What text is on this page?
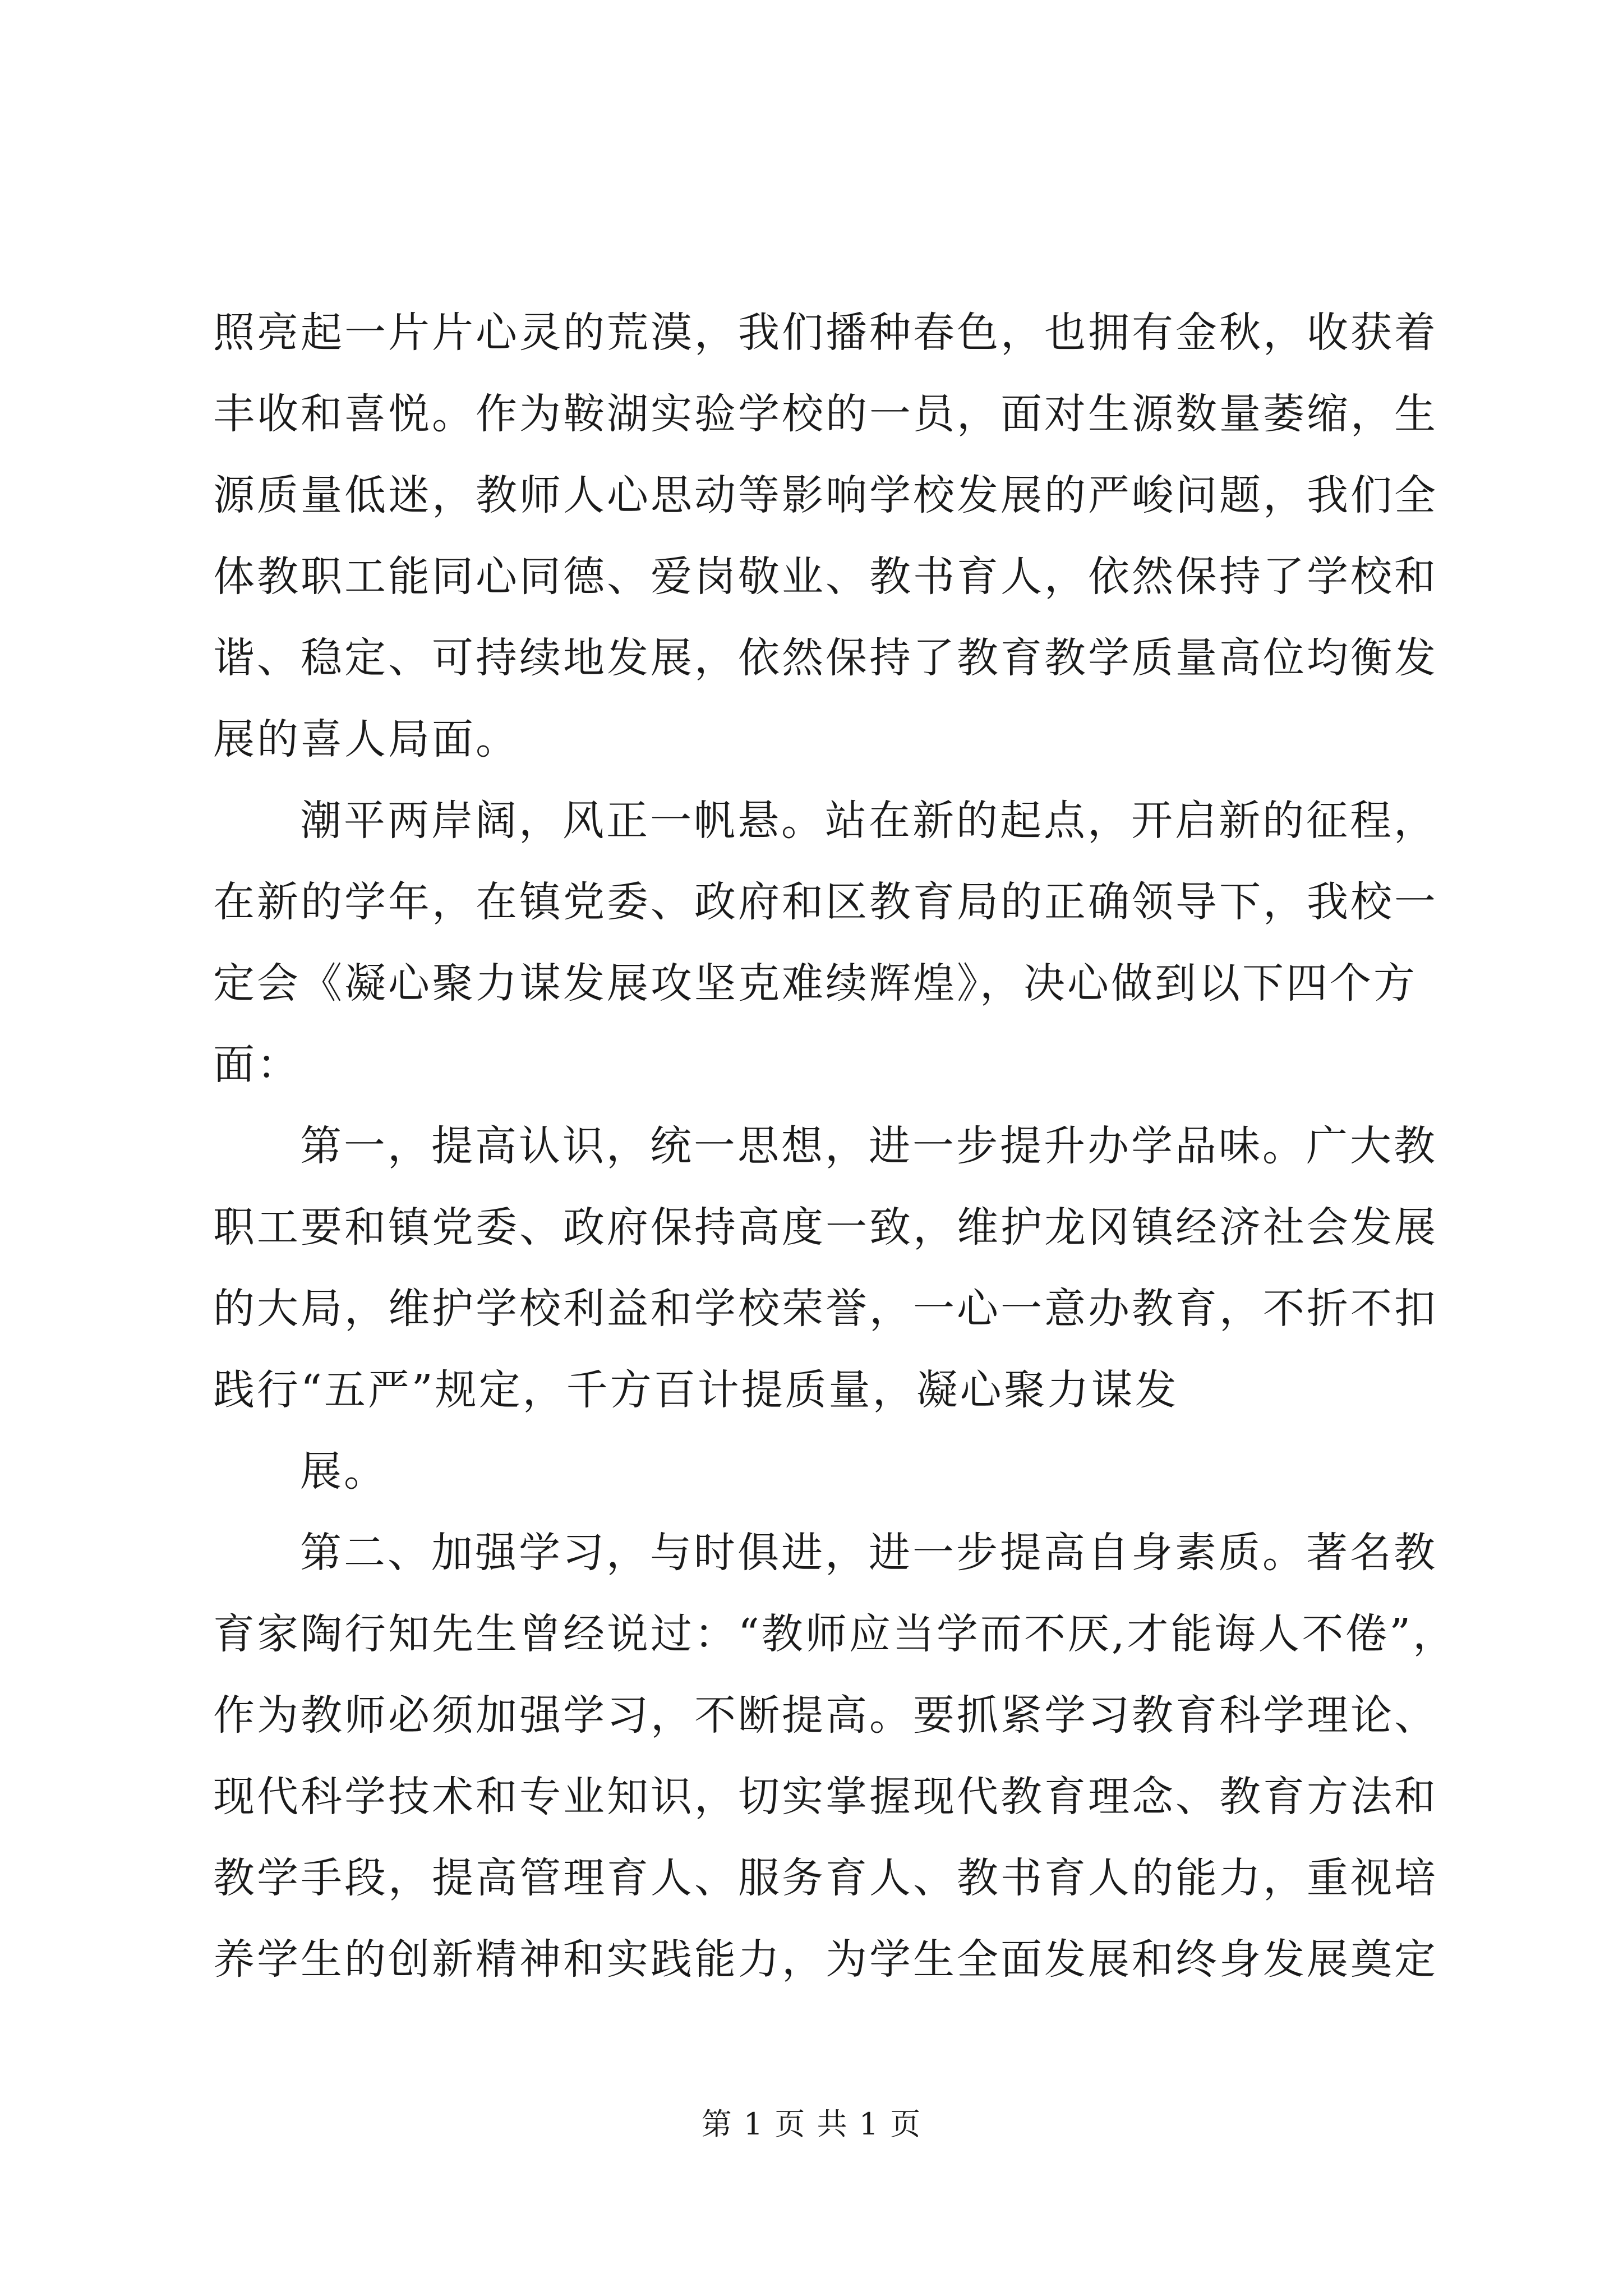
照亮起一片片心灵的荒漠，我们播种春色，也拥有金秋，收获着
丰收和喜悦。作为鞍湖实验学校的一员，面对生源数量萎缩，生
源质量低迷，教师人心思动等影响学校发展的严峻问题，我们全
体教职工能同心同德、爱岗敬业、教书育人，依然保持了学校和
谐、稳定、可持续地发展，依然保持了教育教学质量高位均衡发
展的喜人局面。
潮平两岸阔，风正一帆悬。站在新的起点，开启新的征程，
在新的学年，在镇党委、政府和区教育局的正确领导下，我校一
定会《凝心聚力谋发展攻坚克难续辉煌》，决心做到以下四个方
面：
第一，提高认识，统一思想，进一步提升办学品味。广大教
职工要和镇党委、政府保持高度一致，维护龙冈镇经济社会发展
的大局，维护学校利益和学校荣誉，一心一意办教育，不折不扣
践行“五严”规定，千方百计提质量，凝心聚力谋发
展。
第二、加强学习，与时俱进，进一步提高自身素质。著名教
育家陶行知先生曾经说过：“教师应当学而不厌,才能诲人不倦”，
作为教师必须加强学习，不断提高。要抓紧学习教育科学理论、
现代科学技术和专业知识，切实掌握现代教育理念、教育方法和
教学手段，提高管理育人、服务育人、教书育人的能力，重视培
养学生的创新精神和实践能力，为学生全面发展和终身发展奠定
第 1 页 共 1 页
